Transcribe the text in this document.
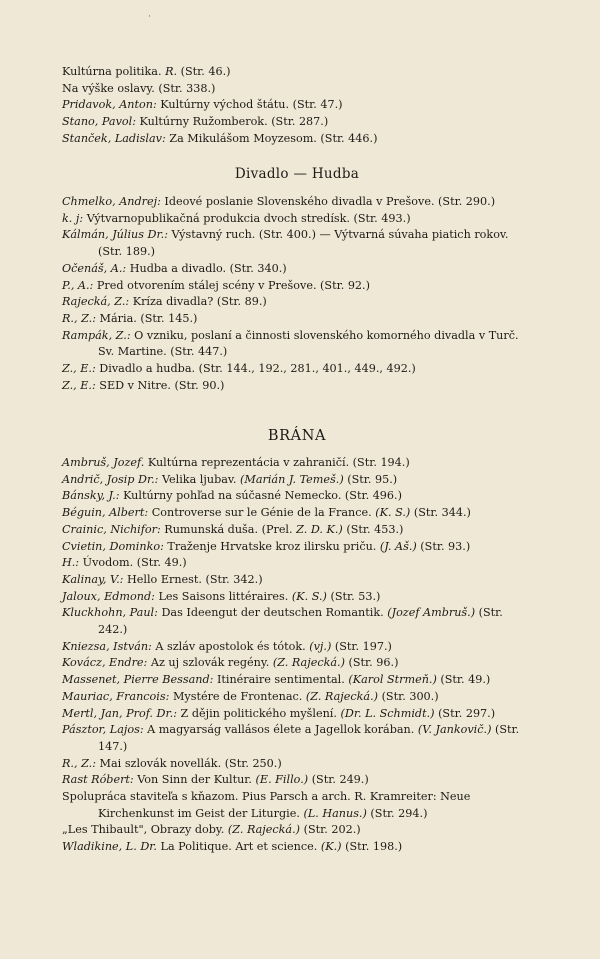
·
Kultúrna politika. R. (Str. 46.)
Na výške oslavy. (Str. 338.)
Pridavok, Anton: Kultúrny východ štátu. (Str. 47.)
Stano, Pavol: Kultúrny Ružomberok. (Str. 287.)
Stanček, Ladislav: Za Mikulášom Moyzesom. (Str. 446.)
Divadlo — Hudba
Chmelko, Andrej: Ideové poslanie Slovenského divadla v Prešove. (Str. 290.)
k. j: Výtvarnopublikačná produkcia dvoch stredísk. (Str. 493.)
Kálmán, Július Dr.: Výstavný ruch. (Str. 400.) — Výtvarná súvaha piatich rokov. (Str. 189.)
Očenáš, A.: Hudba a divadlo. (Str. 340.)
P., A.: Pred otvorením stálej scény v Prešove. (Str. 92.)
Rajecká, Z.: Kríza divadla? (Str. 89.)
R., Z.: Mária. (Str. 145.)
Rampák, Z.: O vzniku, poslaní a činnosti slovenského komorného divadla v Turč. Sv. Martine. (Str. 447.)
Z., E.: Divadlo a hudba. (Str. 144., 192., 281., 401., 449., 492.)
Z., E.: SED v Nitre. (Str. 90.)
BRÁNA
Ambruš, Jozef. Kultúrna reprezentácia v zahraničí. (Str. 194.)
Andrič, Josip Dr.: Velika ljubav. (Marián J. Temeš.) (Str. 95.)
Bánsky, J.: Kultúrny pohľad na súčasné Nemecko. (Str. 496.)
Béguin, Albert: Controverse sur le Génie de la France. (K. S.) (Str. 344.)
Crainic, Nichifor: Rumunská duša. (Prel. Z. D. K.) (Str. 453.)
Cvietin, Dominko: Traženje Hrvatske kroz ilirsku priču. (J. Aš.) (Str. 93.)
H.: Úvodom. (Str. 49.)
Kalinay, V.: Hello Ernest. (Str. 342.)
Jaloux, Edmond: Les Saisons littéraires. (K. S.) (Str. 53.)
Kluckhohn, Paul: Das Ideengut der deutschen Romantik. (Jozef Ambruš.) (Str. 242.)
Kniezsa, István: A szláv apostolok és tótok. (vj.) (Str. 197.)
Kovácz, Endre: Az uj szlovák regény. (Z. Rajecká.) (Str. 96.)
Massenet, Pierre Bessand: Itinéraire sentimental. (Karol Strmeň.) (Str. 49.)
Mauriac, Francois: Mystére de Frontenac. (Z. Rajecká.) (Str. 300.)
Mertl, Jan, Prof. Dr.: Z dějin politického myšlení. (Dr. L. Schmidt.) (Str. 297.)
Pásztor, Lajos: A magyarság vallásos élete a Jagellok korában. (V. Jankovič.) (Str. 147.)
R., Z.: Mai szlovák novellák. (Str. 250.)
Rast Róbert: Von Sinn der Kultur. (E. Fillo.) (Str. 249.)
Spolupráca staviteľa s kňazom. Pius Parsch a arch. R. Kramreiter: Neue Kirchenkunst im Geist der Liturgie. (L. Hanus.) (Str. 294.)
„Les Thibault", Obrazy doby. (Z. Rajecká.) (Str. 202.)
Wladikine, L. Dr. La Politique. Art et science. (K.) (Str. 198.)
